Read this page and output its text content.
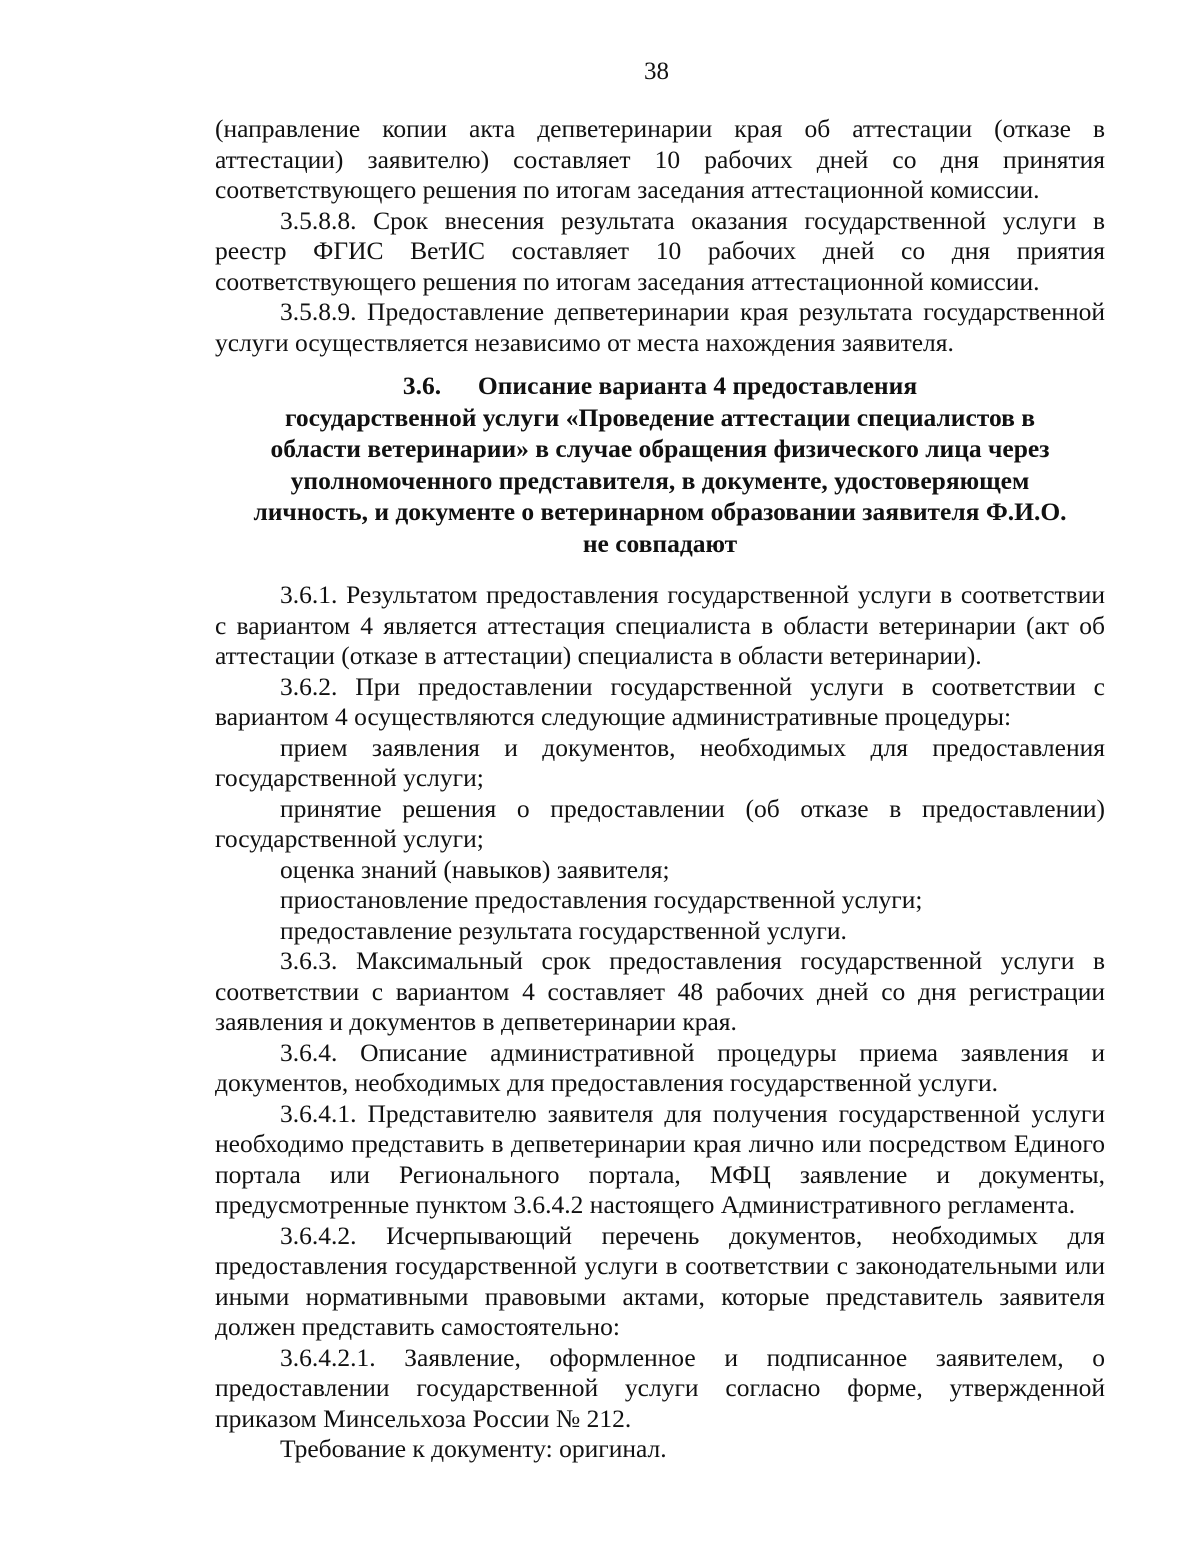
38

(направление копии акта депветеринарии края об аттестации (отказе в аттестации) заявителю) составляет 10 рабочих дней со дня принятия соответствующего решения по итогам заседания аттестационной комиссии.

3.5.8.8. Срок внесения результата оказания государственной услуги в реестр ФГИС ВетИС составляет 10 рабочих дней со дня приятия соответствующего решения по итогам заседания аттестационной комиссии.

3.5.8.9. Предоставление депветеринарии края результата государственной услуги осуществляется независимо от места нахождения заявителя.

3.6. Описание варианта 4 предоставления
государственной услуги «Проведение аттестации специалистов в
области ветеринарии» в случае обращения физического лица через
уполномоченного представителя, в документе, удостоверяющем
личность, и документе о ветеринарном образовании заявителя Ф.И.О.
не совпадают

3.6.1. Результатом предоставления государственной услуги в соответствии с вариантом 4 является аттестация специалиста в области ветеринарии (акт об аттестации (отказе в аттестации) специалиста в области ветеринарии).

3.6.2. При предоставлении государственной услуги в соответствии с вариантом 4 осуществляются следующие административные процедуры:

прием заявления и документов, необходимых для предоставления государственной услуги;

принятие решения о предоставлении (об отказе в предоставлении) государственной услуги;

оценка знаний (навыков) заявителя;

приостановление предоставления государственной услуги;

предоставление результата государственной услуги.

3.6.3. Максимальный срок предоставления государственной услуги в соответствии с вариантом 4 составляет 48 рабочих дней со дня регистрации заявления и документов в депветеринарии края.

3.6.4. Описание административной процедуры приема заявления и документов, необходимых для предоставления государственной услуги.

3.6.4.1. Представителю заявителя для получения государственной услуги необходимо представить в депветеринарии края лично или посредством Единого портала или Регионального портала, МФЦ заявление и документы, предусмотренные пунктом 3.6.4.2 настоящего Административного регламента.

3.6.4.2. Исчерпывающий перечень документов, необходимых для предоставления государственной услуги в соответствии с законодательными или иными нормативными правовыми актами, которые представитель заявителя должен представить самостоятельно:

3.6.4.2.1. Заявление, оформленное и подписанное заявителем, о предоставлении государственной услуги согласно форме, утвержденной приказом Минсельхоза России № 212.

Требование к документу: оригинал.
